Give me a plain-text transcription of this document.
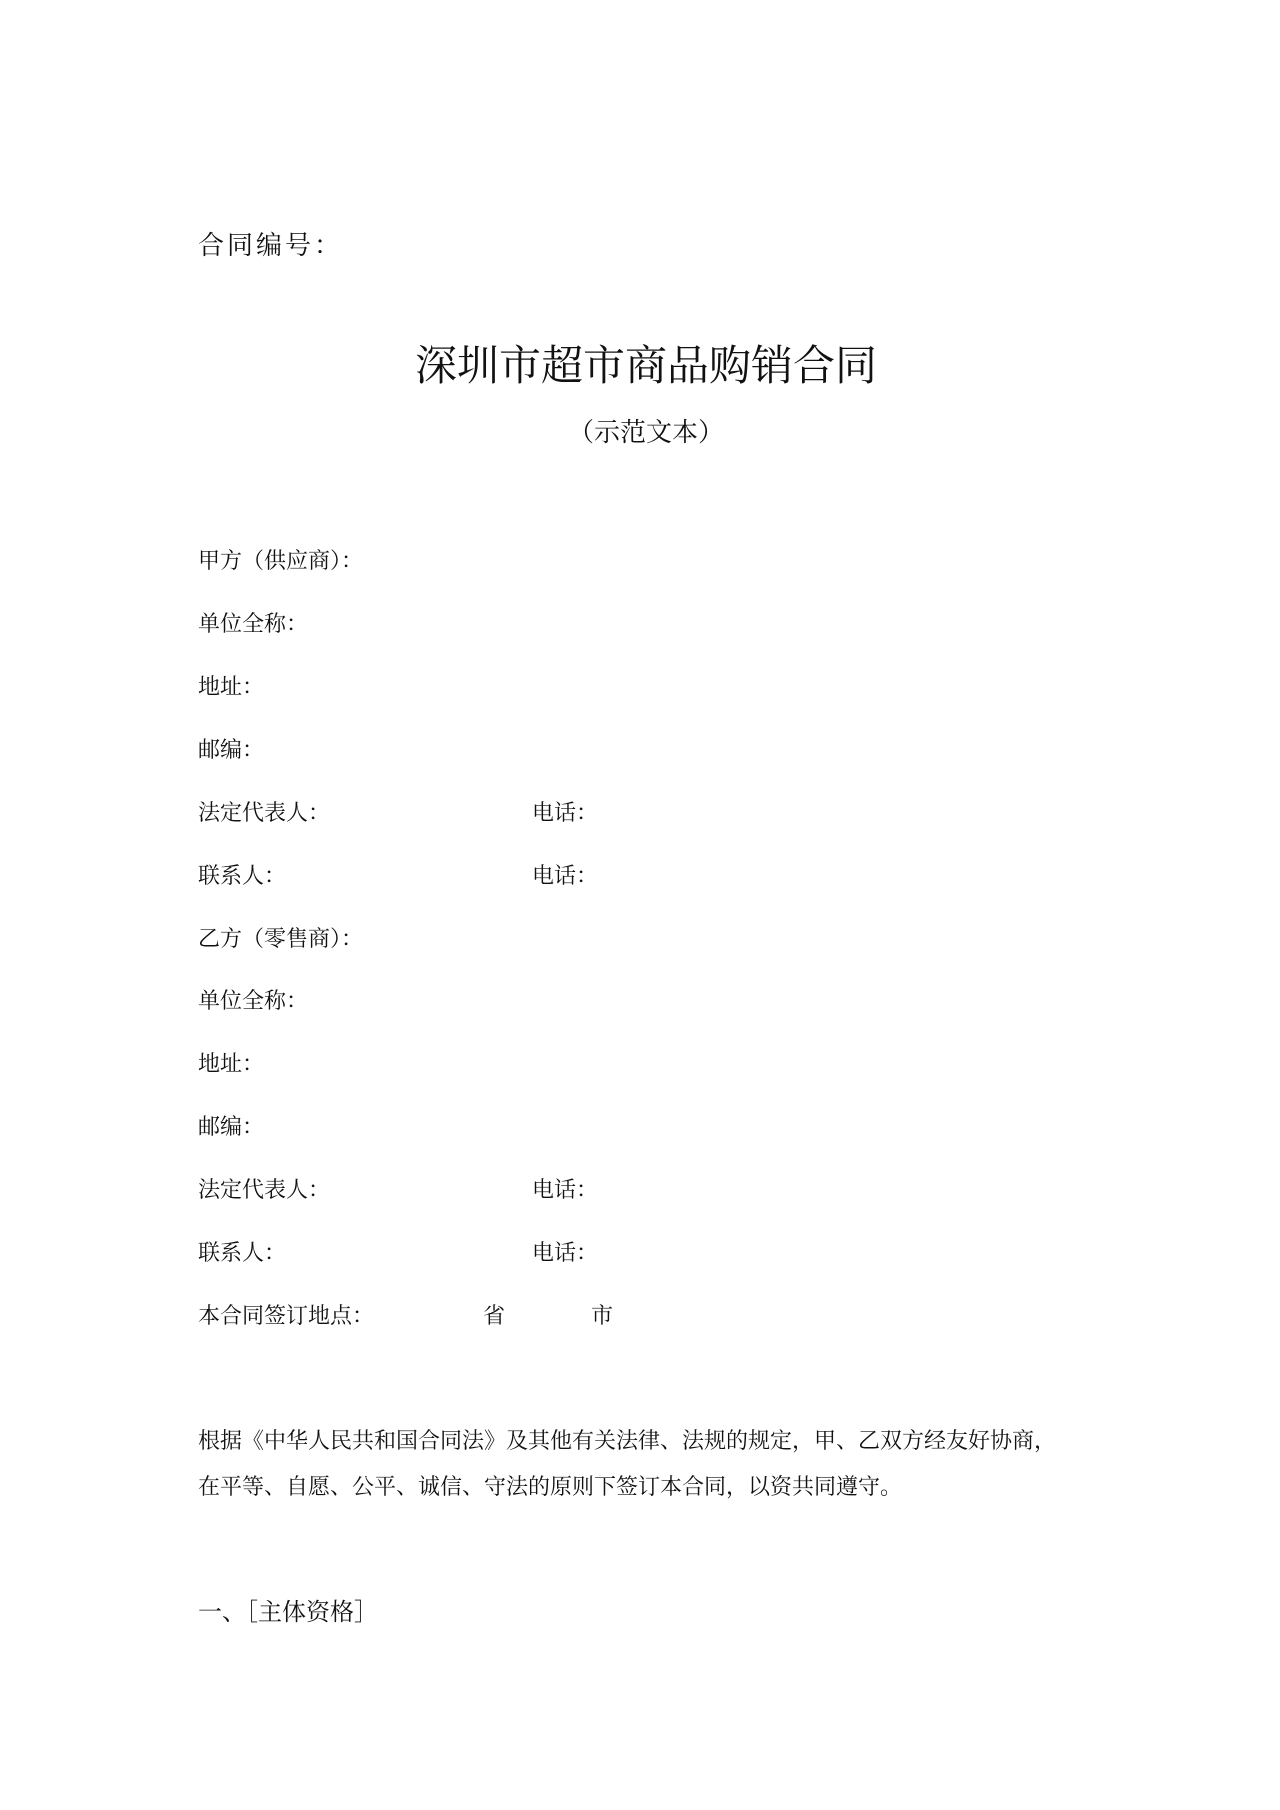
合同编号：
深圳市超市商品购销合同
（示范文本）
甲方（供应商）：
单位全称：
地址：
邮编：
法定代表人：	电话：
联系人：	电话：
乙方（零售商）：
单位全称：
地址：
邮编：
法定代表人：	电话：
联系人：	电话：
本合同签订地点：	省	市
根据《中华人民共和国合同法》及其他有关法律、法规的规定，甲、乙双方经友好协商，
在平等、自愿、公平、诚信、守法的原则下签订本合同，以资共同遵守。
一、［主体资格］
